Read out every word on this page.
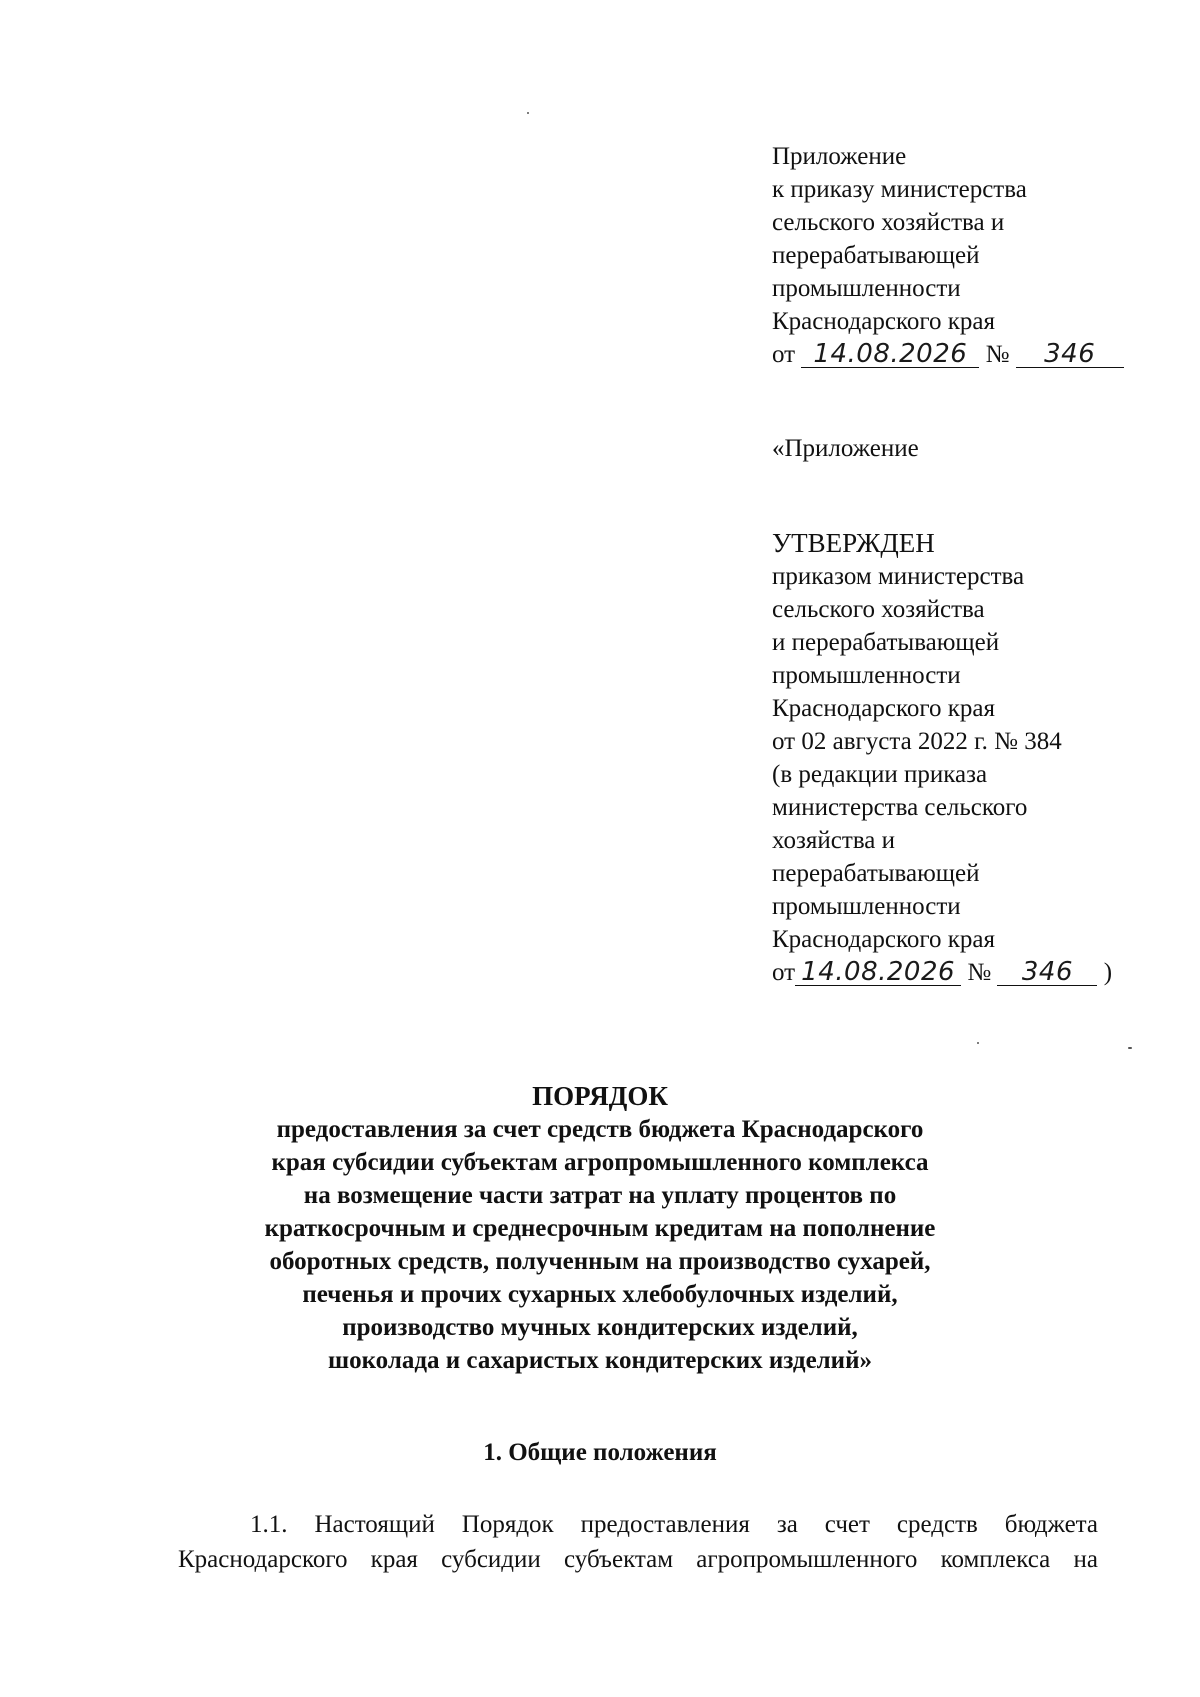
Приложение
к приказу министерства
сельского хозяйства и
перерабатывающей
промышленности
Краснодарского края
от 14.08.2026 № 346
«Приложение
УТВЕРЖДЕН
приказом министерства
сельского хозяйства
и перерабатывающей
промышленности
Краснодарского края
от 02 августа 2022 г. № 384
(в редакции приказа
министерства сельского
хозяйства и
перерабатывающей
промышленности
Краснодарского края
от 14.08.2026 № 346 )
ПОРЯДОК
предоставления за счет средств бюджета Краснодарского
края субсидии субъектам агропромышленного комплекса
на возмещение части затрат на уплату процентов по
краткосрочным и среднесрочным кредитам на пополнение
оборотных средств, полученным на производство сухарей,
печенья и прочих сухарных хлебобулочных изделий,
производство мучных кондитерских изделий,
шоколада и сахаристых кондитерских изделий»
1. Общие положения
1.1. Настоящий Порядок предоставления за счет средств бюджета
Краснодарского края субсидии субъектам агропромышленного комплекса на
